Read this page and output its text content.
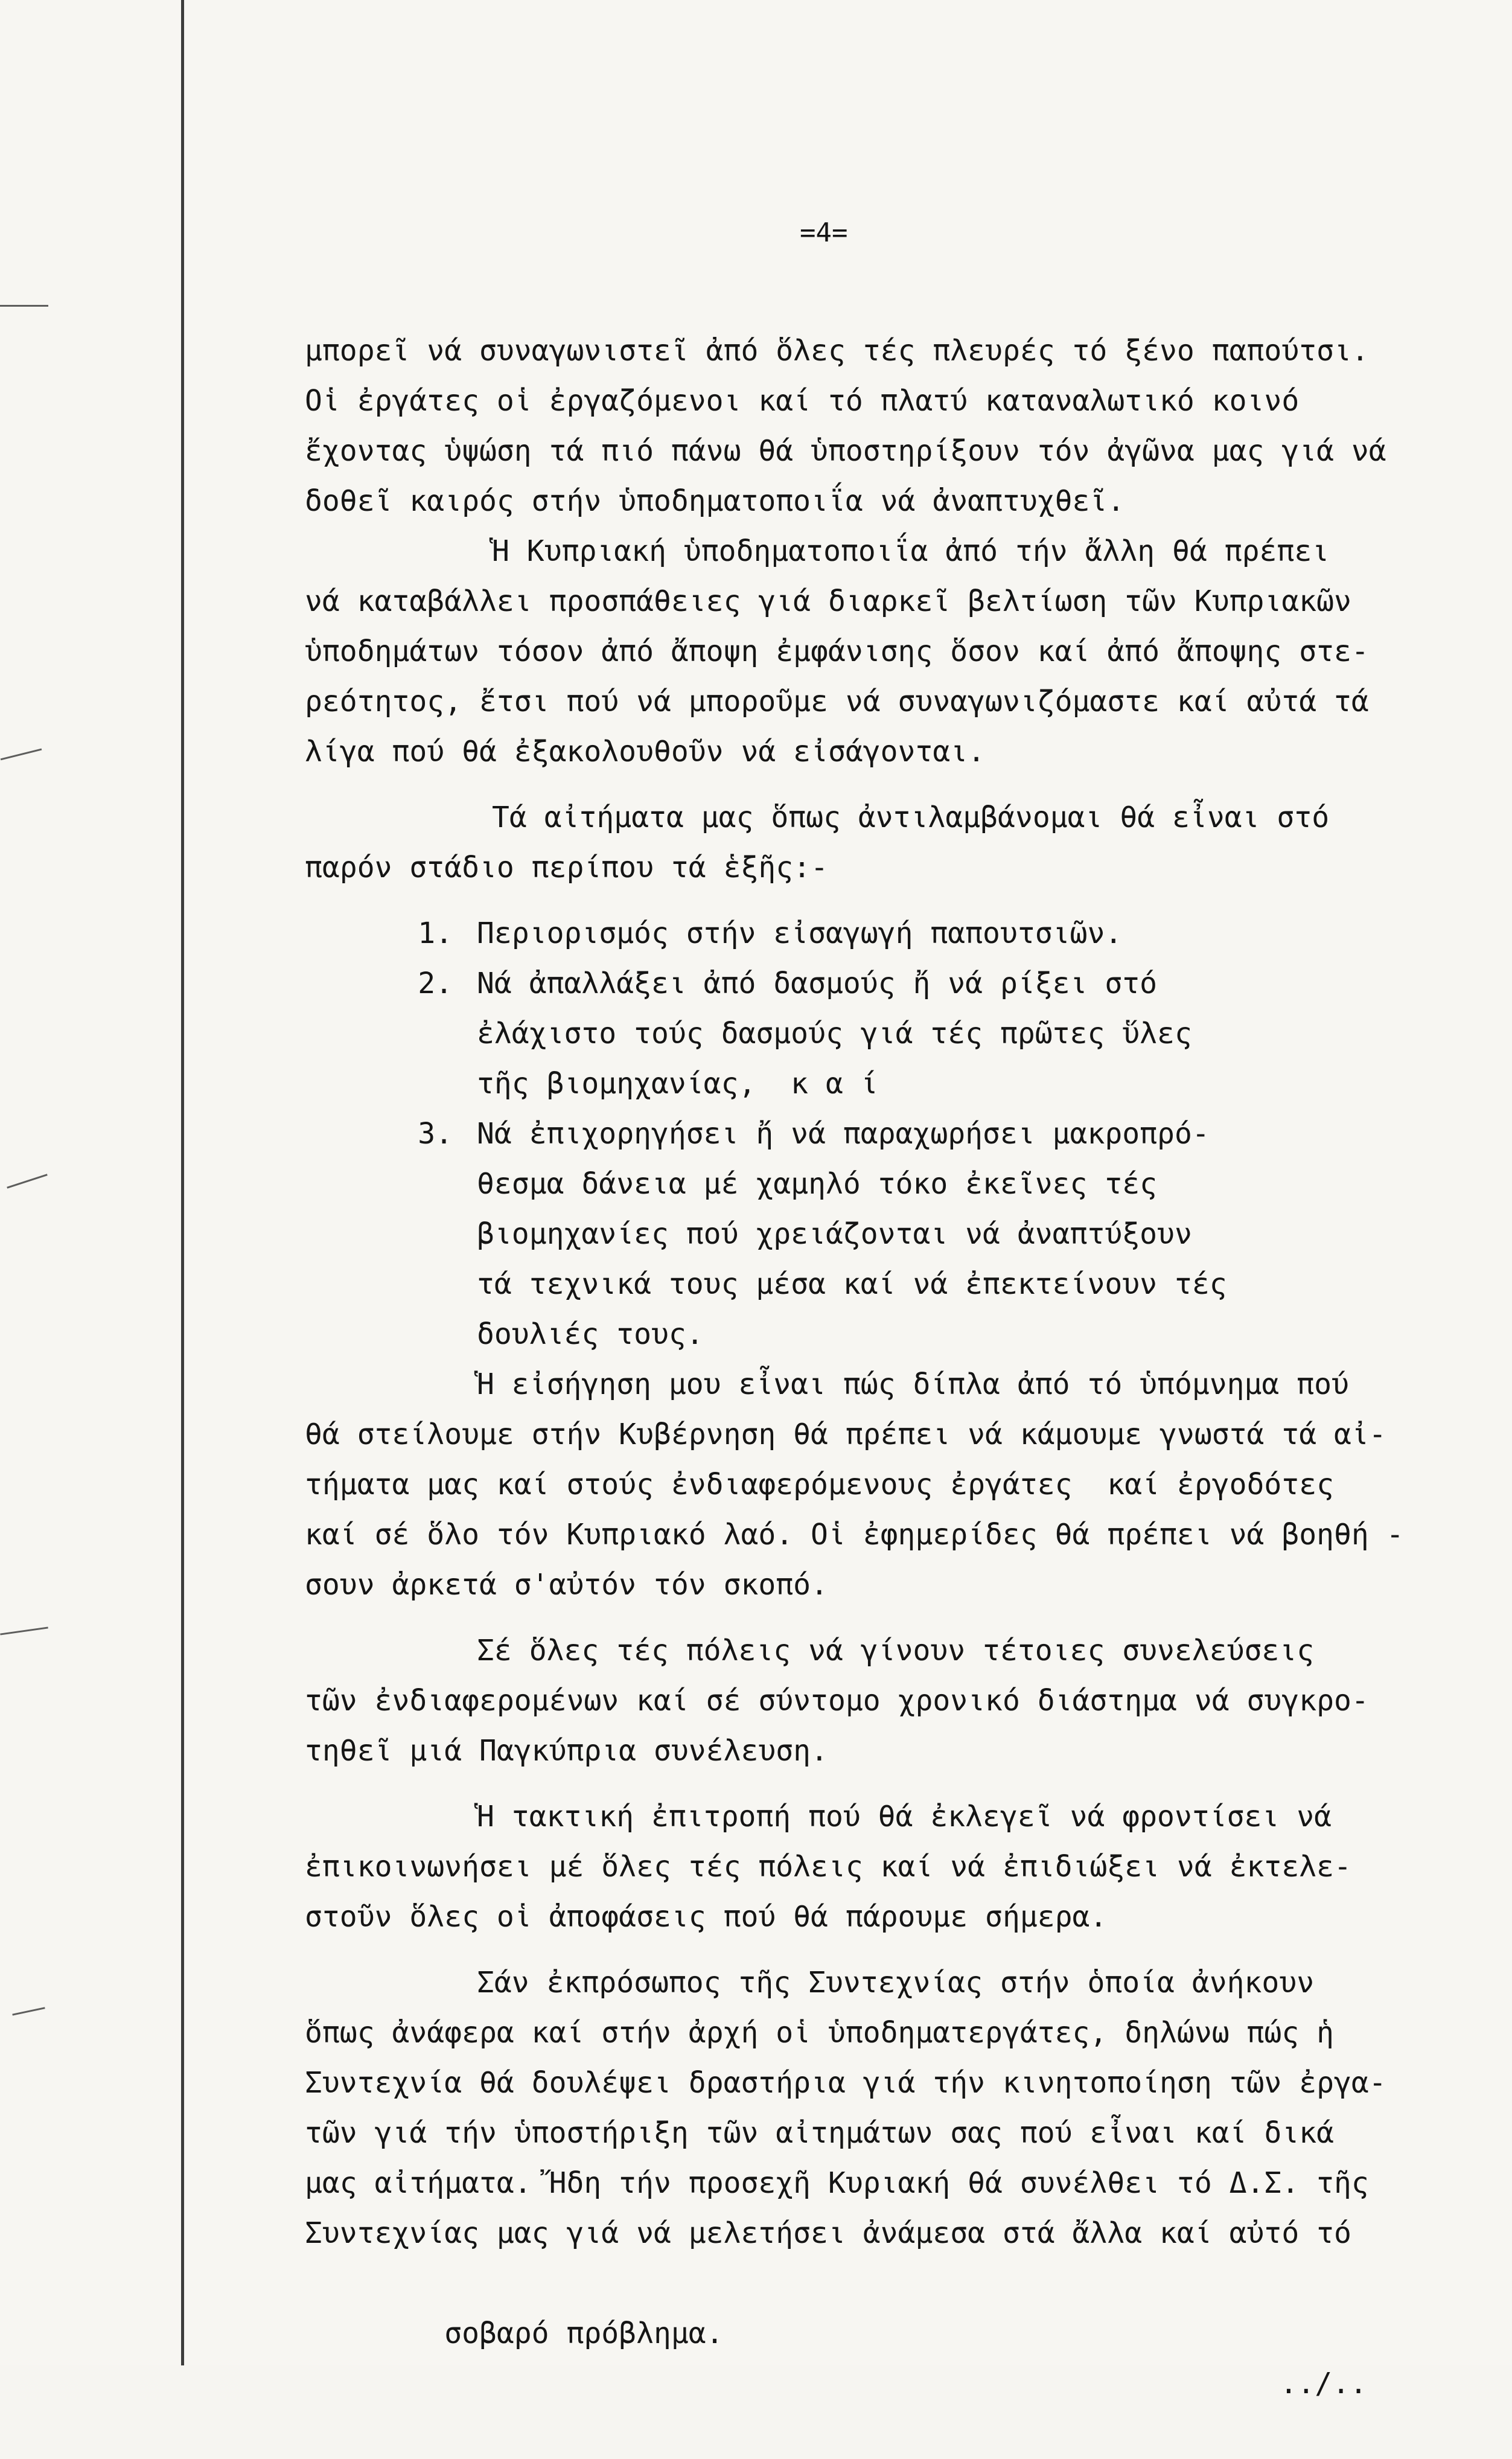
=4=
μπορεῖ νά συναγωνιστεῖ ἀπό ὅλες τές πλευρές τό ξένο παπούτσι.
Οἱ ἐργάτες οἱ ἐργαζόμενοι καί τό πλατύ καταναλωτικό κοινό
ἔχοντας ὑψώση τά πιό πάνω θά ὑποστηρίξουν τόν ἀγῶνα μας γιά νά
δοθεῖ καιρός στήν ὑποδηματοποιΐα νά ἀναπτυχθεῖ.
Ἡ Κυπριακή ὑποδηματοποιΐα ἀπό τήν ἄλλη θά πρέπει
νά καταβάλλει προσπάθειες γιά διαρκεῖ βελτίωση τῶν Κυπριακῶν
ὑποδημάτων τόσον ἀπό ἄποψη ἐμφάνισης ὅσον καί ἀπό ἄποψης στε-
ρεότητος, ἔτσι πού νά μποροῦμε νά συναγωνιζόμαστε καί αὐτά τά
λίγα πού θά ἐξακολουθοῦν νά εἰσάγονται.
Τά αἰτήματα μας ὅπως ἀντιλαμβάνομαι θά εἶναι στό
παρόν στάδιο περίπου τά ἑξῆς:-
1. Περιορισμός στήν εἰσαγωγή παπουτσιῶν.
2. Νά ἀπαλλάξει ἀπό δασμούς ἤ νά ρίξει στό
ἐλάχιστο τούς δασμούς γιά τές πρῶτες ὕλες
τῆς βιομηχανίας,  κ α ί
3. Νά ἐπιχορηγήσει ἤ νά παραχωρήσει μακροπρό-
θεσμα δάνεια μέ χαμηλό τόκο ἐκεῖνες τές
βιομηχανίες πού χρειάζονται νά ἀναπτύξουν
τά τεχνικά τους μέσα καί νά ἐπεκτείνουν τές
δουλιές τους.
Ἡ εἰσήγηση μου εἶναι πώς δίπλα ἀπό τό ὑπόμνημα πού
θά στείλουμε στήν Κυβέρνηση θά πρέπει νά κάμουμε γνωστά τά αἰ-
τήματα μας καί στούς ἐνδιαφερόμενους ἐργάτες  καί ἐργοδότες
καί σέ ὅλο τόν Κυπριακό λαό. Οἱ ἐφημερίδες θά πρέπει νά βοηθή -
σουν ἀρκετά σ'αὐτόν τόν σκοπό.
Σέ ὅλες τές πόλεις νά γίνουν τέτοιες συνελεύσεις
τῶν ἐνδιαφερομένων καί σέ σύντομο χρονικό διάστημα νά συγκρο-
τηθεῖ μιά Παγκύπρια συνέλευση.
Ἡ τακτική ἐπιτροπή πού θά ἐκλεγεῖ νά φροντίσει νά
ἐπικοινωνήσει μέ ὅλες τές πόλεις καί νά ἐπιδιώξει νά ἐκτελε-
στοῦν ὅλες οἱ ἀποφάσεις πού θά πάρουμε σήμερα.
Σάν ἐκπρόσωπος τῆς Συντεχνίας στήν ὁποία ἀνήκουν
ὅπως ἀνάφερα καί στήν ἀρχή οἱ ὑποδηματεργάτες, δηλώνω πώς ἡ
Συντεχνία θά δουλέψει δραστήρια γιά τήν κινητοποίηση τῶν ἐργα-
τῶν γιά τήν ὑποστήριξη τῶν αἰτημάτων σας πού εἶναι καί δικά
μας αἰτήματα. Ἤδη τήν προσεχῆ Κυριακή θά συνέλθει τό Δ.Σ. τῆς
Συντεχνίας μας γιά νά μελετήσει ἀνάμεσα στά ἄλλα καί αὐτό τό

σοβαρό πρόβλημα.

../..
